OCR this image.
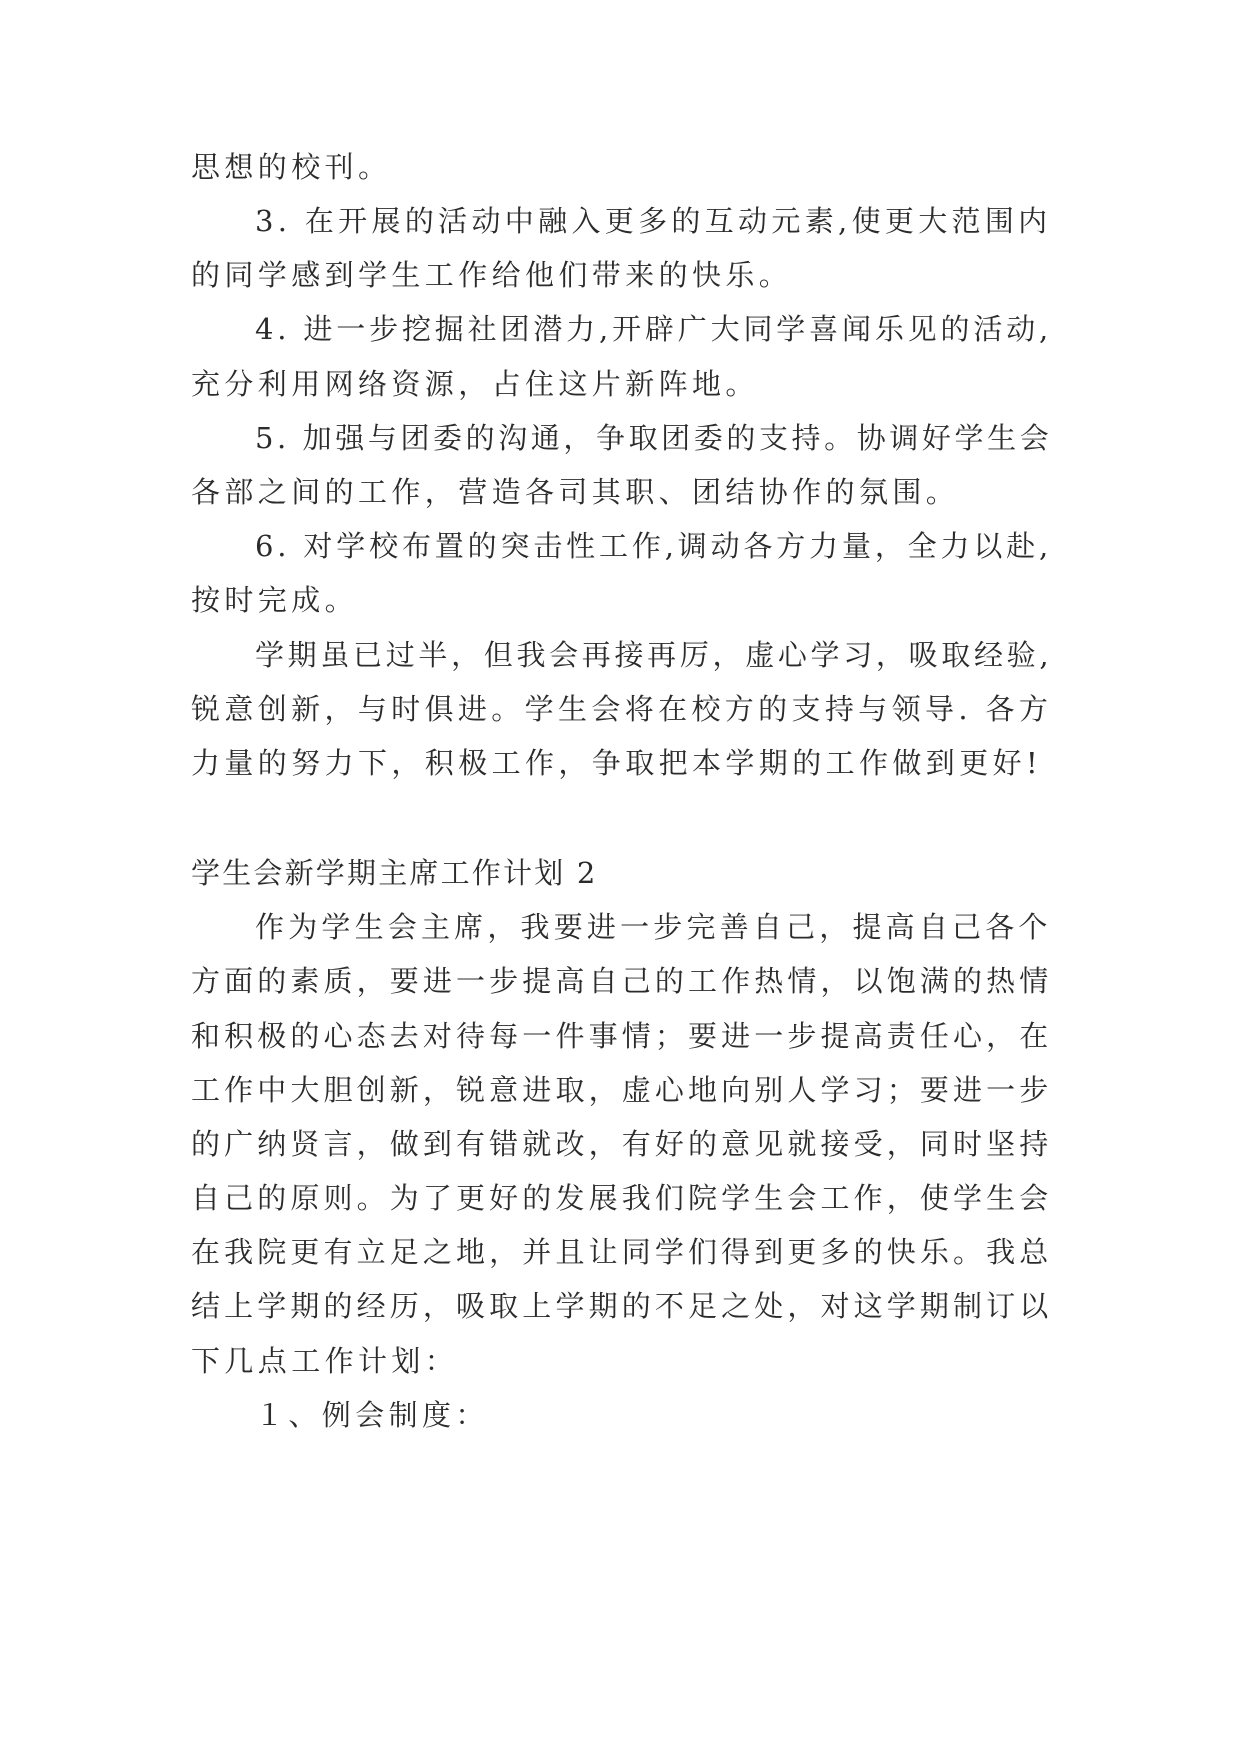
思想的校刊。
3. 在开展的活动中融入更多的互动元素,使更大范围内
的同学感到学生工作给他们带来的快乐。
4. 进一步挖掘社团潜力,开辟广大同学喜闻乐见的活动,
充分利用网络资源，占住这片新阵地。
5. 加强与团委的沟通，争取团委的支持。协调好学生会
各部之间的工作，营造各司其职、团结协作的氛围。
6. 对学校布置的突击性工作,调动各方力量，全力以赴,
按时完成。
学期虽已过半，但我会再接再厉，虚心学习，吸取经验,
锐意创新，与时俱进。学生会将在校方的支持与领导. 各方
力量的努力下，积极工作，争取把本学期的工作做到更好!
学生会新学期主席工作计划 2
作为学生会主席，我要进一步完善自己，提高自己各个
方面的素质，要进一步提高自己的工作热情，以饱满的热情
和积极的心态去对待每一件事情；要进一步提高责任心，在
工作中大胆创新，锐意进取，虚心地向别人学习；要进一步
的广纳贤言，做到有错就改，有好的意见就接受，同时坚持
自己的原则。为了更好的发展我们院学生会工作，使学生会
在我院更有立足之地，并且让同学们得到更多的快乐。我总
结上学期的经历，吸取上学期的不足之处，对这学期制订以
下几点工作计划：
１、例会制度：
